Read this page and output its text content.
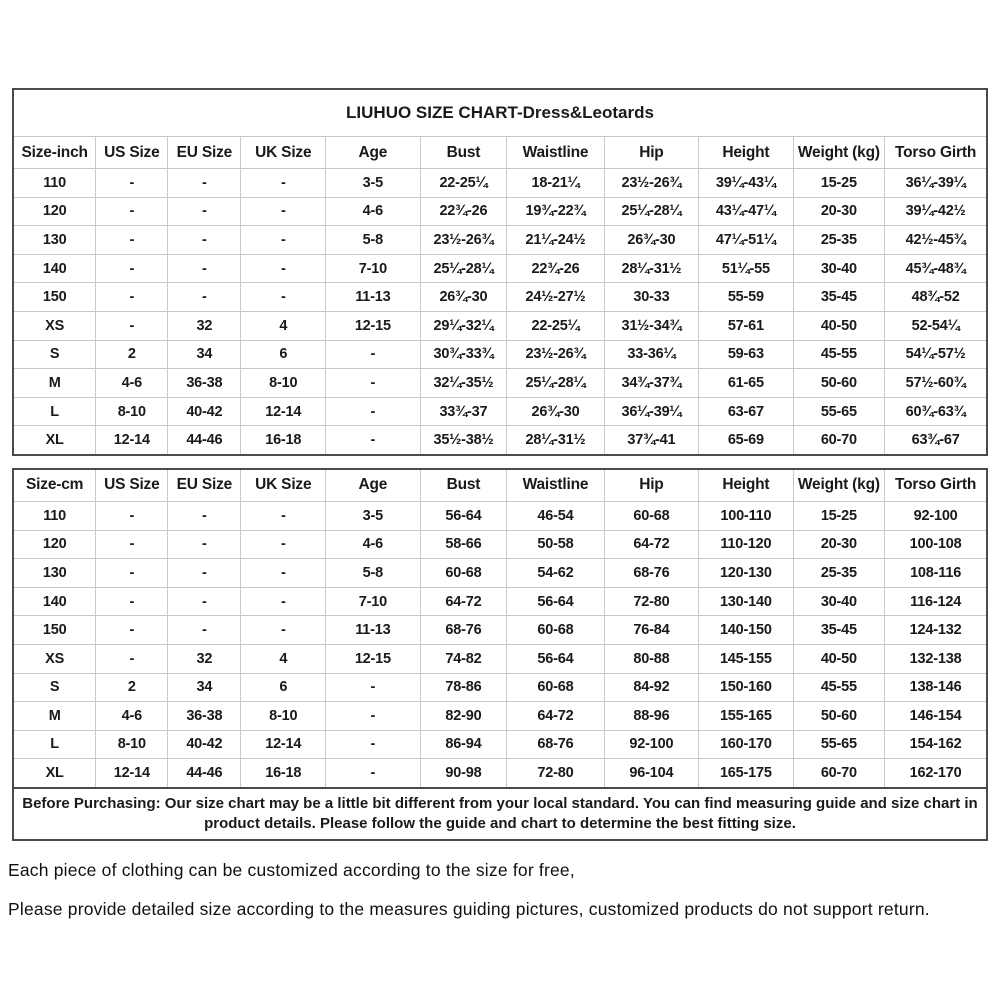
LIUHUO SIZE CHART-Dress&Leotards										
Size-inch	US Size	EU Size	UK Size	Age	Bust	Waistline	Hip	Height	Weight (kg)	Torso Girth
110	-	-	-	3-5	22-25¼	18-21¼	23½-26¾	39¼-43¼	15-25	36¼-39¼
120	-	-	-	4-6	22¾-26	19¾-22¾	25¼-28¼	43¼-47¼	20-30	39¼-42½
130	-	-	-	5-8	23½-26¾	21¼-24½	26¾-30	47¼-51¼	25-35	42½-45¾
140	-	-	-	7-10	25¼-28¼	22¾-26	28¼-31½	51¼-55	30-40	45¾-48¾
150	-	-	-	11-13	26¾-30	24½-27½	30-33	55-59	35-45	48¾-52
XS	-	32	4	12-15	29¼-32¼	22-25¼	31½-34¾	57-61	40-50	52-54¼
S	2	34	6	-	30¾-33¾	23½-26¾	33-36¼	59-63	45-55	54¼-57½
M	4-6	36-38	8-10	-	32¼-35½	25¼-28¼	34¾-37¾	61-65	50-60	57½-60¾
L	8-10	40-42	12-14	-	33¾-37	26¾-30	36¼-39¼	63-67	55-65	60¾-63¾
XL	12-14	44-46	16-18	-	35½-38½	28¼-31½	37¾-41	65-69	60-70	63¾-67
Size-cm	US Size	EU Size	UK Size	Age	Bust	Waistline	Hip	Height	Weight (kg)	Torso Girth
110	-	-	-	3-5	56-64	46-54	60-68	100-110	15-25	92-100
120	-	-	-	4-6	58-66	50-58	64-72	110-120	20-30	100-108
130	-	-	-	5-8	60-68	54-62	68-76	120-130	25-35	108-116
140	-	-	-	7-10	64-72	56-64	72-80	130-140	30-40	116-124
150	-	-	-	11-13	68-76	60-68	76-84	140-150	35-45	124-132
XS	-	32	4	12-15	74-82	56-64	80-88	145-155	40-50	132-138
S	2	34	6	-	78-86	60-68	84-92	150-160	45-55	138-146
M	4-6	36-38	8-10	-	82-90	64-72	88-96	155-165	50-60	146-154
L	8-10	40-42	12-14	-	86-94	68-76	92-100	160-170	55-65	154-162
XL	12-14	44-46	16-18	-	90-98	72-80	96-104	165-175	60-70	162-170
Before Purchasing: Our size chart may be a little bit different from your local standard. You can find measuring guide and size chart in product details. Please follow the guide and chart to determine the best fitting size.										

Each piece of clothing can be customized according to the size for free,

Please provide detailed size according to the measures guiding pictures, customized products do not support return.
